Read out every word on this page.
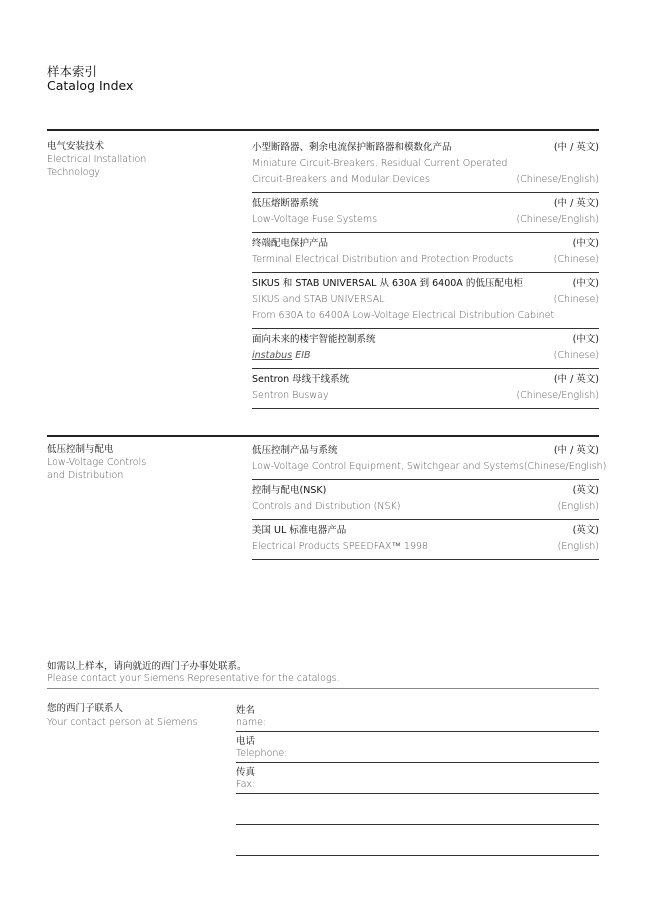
样本索引
Catalog Index
电气安装技术
Electrical Installation
Technology
小型断路器、剩余电流保护断路器和模数化产品	(中 / 英文)
Miniature Circuit-Breakers, Residual Current Operated
Circuit-Breakers and Modular Devices	(Chinese/English)
低压熔断器系统	(中 / 英文)
Low-Voltage Fuse Systems	(Chinese/English)
终端配电保护产品	(中文)
Terminal Electrical Distribution and Protection Products	(Chinese)
SIKUS 和 STAB UNIVERSAL 从 630A 到 6400A 的低压配电柜	(中文)
SIKUS and STAB UNIVERSAL	(Chinese)
From 630A to 6400A Low-Voltage Electrical Distribution Cabinet
面向未来的楼宇智能控制系统	(中文)
instabus EIB	(Chinese)
Sentron 母线干线系统	(中 / 英文)
Sentron Busway	(Chinese/English)
低压控制与配电
Low-Voltage Controls
and Distribution
低压控制产品与系统	(中 / 英文)
Low-Voltage Control Equipment, Switchgear and Systems (Chinese/English)
控制与配电(NSK)	(英文)
Controls and Distribution (NSK)	(English)
美国 UL 标准电器产品	(英文)
Electrical Products SPEEDFAX™ 1998	(English)
如需以上样本，请向就近的西门子办事处联系。
Please contact your Siemens Representative for the catalogs.
您的西门子联系人
Your contact person at Siemens
姓名
name:
电话
Telephone:
传真
Fax:
